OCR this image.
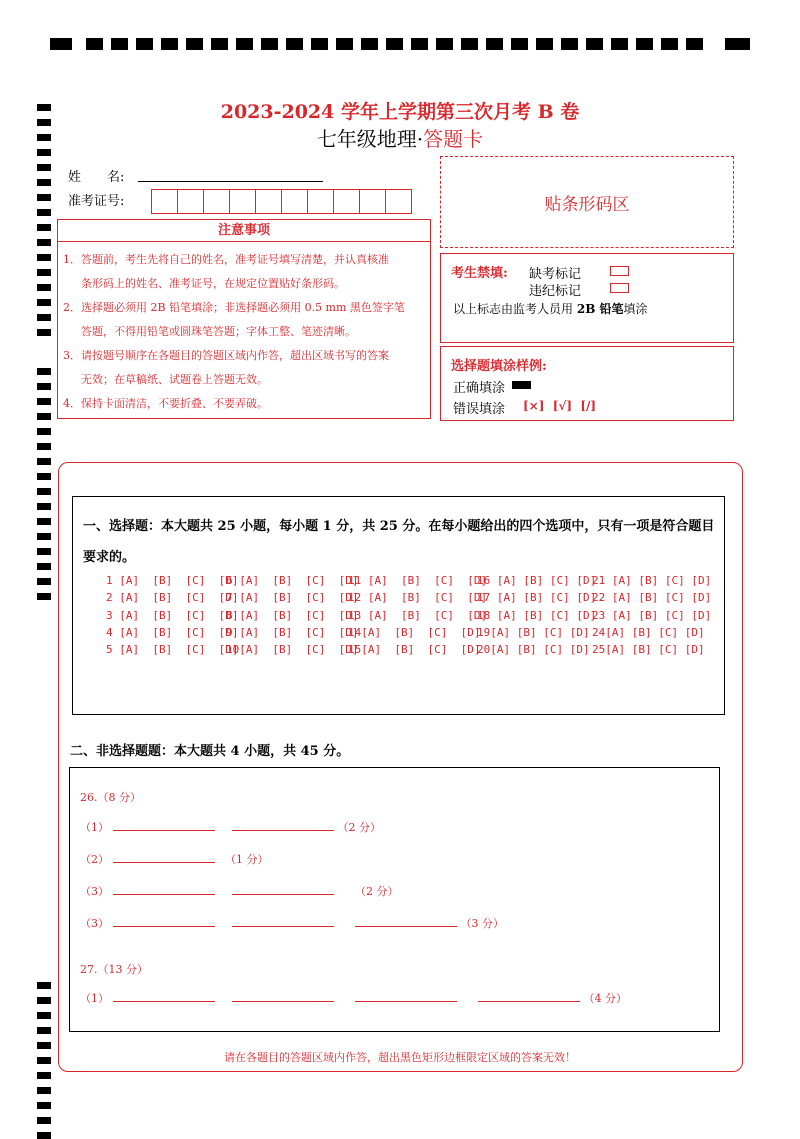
2023-2024 学年上学期第三次月考 B 卷
七年级地理·答题卡
姓　　名:
准考证号:	贴条形码区
注意事项

1．答题前，考生先将自己的姓名，准考证号填写清楚，并认真核准

条形码上的姓名、准考证号，在规定位置贴好条形码。

2．选择题必须用 2B 铅笔填涂；非选择题必须用 0.5 mm 黑色签字笔

答题，不得用铅笔或圆珠笔答题；字体工整、笔迹清晰。

3．请按题号顺序在各题目的答题区域内作答，超出区域书写的答案

无效；在草稿纸、试题卷上答题无效。

4．保持卡面清洁，不要折叠、不要弄破。

考生禁填: 缺考标记
违纪标记
以上标志由监考人员用 2B 铅笔填涂
选择题填涂样例:
正确填涂
错误填涂 [×]  [√]  [/]
一、选择题：本大题共 25 小题，每小题 1 分，共 25 分。在每小题给出的四个选项中，只有一项是符合题目要求的。
1 [A]  [B]  [C]  [D]
2 [A]  [B]  [C]  [D]
3 [A]  [B]  [C]  [D]
4 [A]  [B]  [C]  [D]
5 [A]  [B]  [C]  [D]
6 [A]  [B]  [C]  [D]
7 [A]  [B]  [C]  [D]
8 [A]  [B]  [C]  [D]
9 [A]  [B]  [C]  [D]
10[A]  [B]  [C]  [D]
11 [A]  [B]  [C]  [D]
12 [A]  [B]  [C]  [D]
13 [A]  [B]  [C]  [D]
14[A]  [B]  [C]  [D]
15[A]  [B]  [C]  [D]
16 [A] [B] [C] [D]
17 [A] [B] [C] [D]
18 [A] [B] [C] [D]
19[A] [B] [C] [D]
20[A] [B] [C] [D]
21 [A] [B] [C] [D]
22 [A] [B] [C] [D]
23 [A] [B] [C] [D]
24[A] [B] [C] [D]
25[A] [B] [C] [D]
二、非选择题题：本大题共 4 小题，共 45 分。
26.（8 分）
（1）	（2 分）
（2）	（1 分）
（3）	（2 分）
（3）	（3 分）
27.（13 分）
（1）	（4 分）
请在各题目的答题区域内作答，超出黑色矩形边框限定区域的答案无效！
